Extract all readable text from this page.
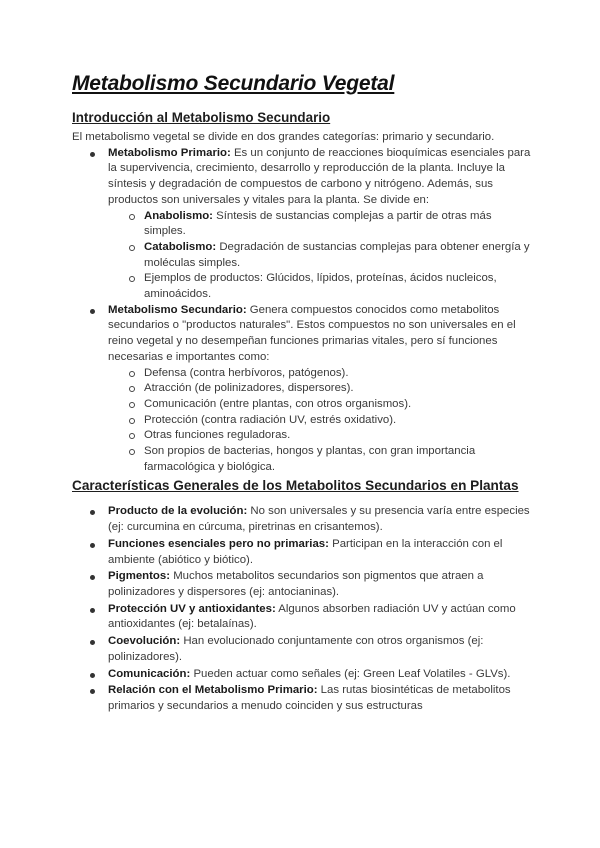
Metabolismo Secundario Vegetal
Introducción al Metabolismo Secundario

El metabolismo vegetal se divide en dos grandes categorías: primario y secundario.

Metabolismo Primario: Es un conjunto de reacciones bioquímicas esenciales para la supervivencia, crecimiento, desarrollo y reproducción de la planta. Incluye la síntesis y degradación de compuestos de carbono y nitrógeno. Además, sus productos son universales y vitales para la planta. Se divide en:
Anabolismo: Síntesis de sustancias complejas a partir de otras más simples.
Catabolismo: Degradación de sustancias complejas para obtener energía y moléculas simples.
Ejemplos de productos: Glúcidos, lípidos, proteínas, ácidos nucleicos, aminoácidos.
Metabolismo Secundario: Genera compuestos conocidos como metabolitos secundarios o "productos naturales". Estos compuestos no son universales en el reino vegetal y no desempeñan funciones primarias vitales, pero sí funciones necesarias e importantes como:
Defensa (contra herbívoros, patógenos).
Atracción (de polinizadores, dispersores).
Comunicación (entre plantas, con otros organismos).
Protección (contra radiación UV, estrés oxidativo).
Otras funciones reguladoras.
Son propios de bacterias, hongos y plantas, con gran importancia farmacológica y biológica.
Características Generales de los Metabolitos Secundarios en Plantas
Producto de la evolución: No son universales y su presencia varía entre especies (ej: curcumina en cúrcuma, piretrinas en crisantemos).
Funciones esenciales pero no primarias: Participan en la interacción con el ambiente (abiótico y biótico).
Pigmentos: Muchos metabolitos secundarios son pigmentos que atraen a polinizadores y dispersores (ej: antocianinas).
Protección UV y antioxidantes: Algunos absorben radiación UV y actúan como antioxidantes (ej: betalaínas).
Coevolución: Han evolucionado conjuntamente con otros organismos (ej: polinizadores).
Comunicación: Pueden actuar como señales (ej: Green Leaf Volatiles - GLVs).
Relación con el Metabolismo Primario: Las rutas biosintéticas de metabolitos primarios y secundarios a menudo coinciden y sus estructuras
